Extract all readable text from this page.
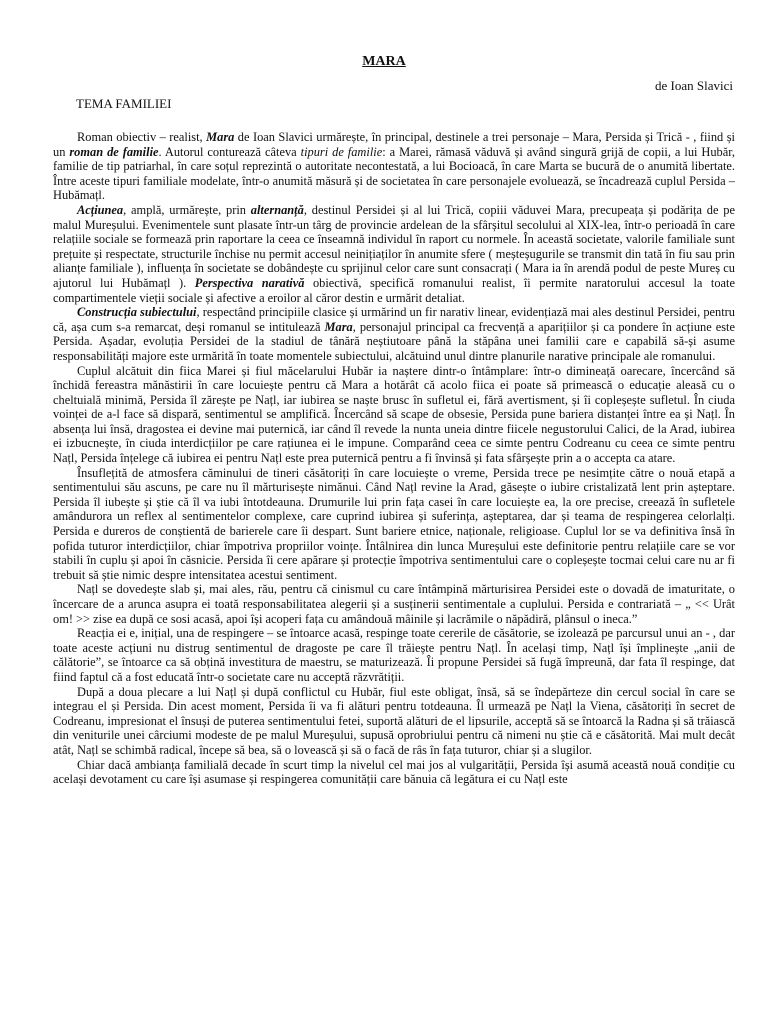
MARA
de Ioan Slavici
TEMA FAMILIEI

Roman obiectiv – realist, Mara de Ioan Slavici urmărește, în principal, destinele a trei personaje – Mara, Persida și Trică - , fiind și un roman de familie. Autorul conturează câteva tipuri de familie: a Marei, rămasă văduvă și având singură grijă de copii, a lui Hubăr, familie de tip patriarhal, în care soțul reprezintă o autoritate necontestată, a lui Bocioacă, în care Marta se bucură de o anumită libertate. Între aceste tipuri familiale modelate, într-o anumită măsură și de societatea în care personajele evoluează, se încadrează cuplul Persida – Hubămațl.

Acțiunea, amplă, urmărește, prin alternanță, destinul Persidei și al lui Trică, copiii văduvei Mara, precupeața și podărița de pe malul Mureșului. Evenimentele sunt plasate într-un târg de provincie ardelean de la sfârșitul secolului al XIX-lea, într-o perioadă în care relațiile sociale se formează prin raportare la ceea ce înseamnă individul în raport cu normele. În această societate, valorile familiale sunt prețuite și respectate, structurile închise nu permit accesul neinițiaților în anumite sfere ( meșteșugurile se transmit din tată în fiu sau prin alianțe familiale ), influența în societate se dobândește cu sprijinul celor care sunt consacrați ( Mara ia în arendă podul de peste Mureș cu ajutorul lui Hubămațl ). Perspectiva narativă obiectivă, specifică romanului realist, îi permite naratorului accesul la toate compartimentele vieții sociale și afective a eroilor al căror destin e urmărit detaliat.

Construcția subiectului, respectând principiile clasice și urmărind un fir narativ linear, evidențiază mai ales destinul Persidei, pentru că, așa cum s-a remarcat, deși romanul se intitulează Mara, personajul principal ca frecvență a aparițiilor și ca pondere în acțiune este Persida. Așadar, evoluția Persidei de la stadiul de tânără neștiutoare până la stăpâna unei familii care e capabilă să-și asume responsabilități majore este urmărită în toate momentele subiectului, alcătuind unul dintre planurile narative principale ale romanului.

Cuplul alcătuit din fiica Marei și fiul măcelarului Hubăr ia naștere dintr-o întâmplare: într-o dimineață oarecare, încercând să închidă fereastra mănăstirii în care locuiește pentru că Mara a hotărât că acolo fiica ei poate să primească o educație aleasă cu o cheltuială minimă, Persida îl zărește pe Națl, iar iubirea se naște brusc în sufletul ei, fără avertisment, și îi copleșește sufletul. În ciuda voinței de a-l face să dispară, sentimentul se amplifică. Încercând să scape de obsesie, Persida pune bariera distanței între ea și Națl. În absența lui însă, dragostea ei devine mai puternică, iar când îl revede la nunta uneia dintre fiicele negustorului Calici, de la Arad, iubirea ei izbucnește, în ciuda interdicțiilor pe care rațiunea ei le impune. Comparând ceea ce simte pentru Codreanu cu ceea ce simte pentru Națl, Persida înțelege că iubirea ei pentru Națl este prea puternică pentru a fi învinsă și fata sfârșește prin a o accepta ca atare.

Însuflețită de atmosfera căminului de tineri căsătoriți în care locuiește o vreme, Persida trece pe nesimțite către o nouă etapă a sentimentului său ascuns, pe care nu îl mărturisește nimănui. Când Națl revine la Arad, găsește o iubire cristalizată lent prin așteptare. Persida îl iubește și știe că îl va iubi întotdeauna. Drumurile lui prin fața casei în care locuiește ea, la ore precise, creează în sufletele amândurora un reflex al sentimentelor complexe, care cuprind iubirea și suferința, așteptarea, dar și teama de respingerea celorlalți. Persida e dureros de conștientă de barierele care îi despart. Sunt bariere etnice, naționale, religioase. Cuplul lor se va definitiva însă în pofida tuturor interdicțiilor, chiar împotriva propriilor voințe. Întâlnirea din lunca Mureșului este definitorie pentru relațiile care se vor stabili în cuplu și apoi în căsnicie. Persida îi cere apărare și protecție împotriva sentimentului care o copleșește tocmai celui care nu ar fi trebuit să știe nimic despre intensitatea acestui sentiment.

Națl se dovedește slab și, mai ales, rău, pentru că cinismul cu care întâmpină mărturisirea Persidei este o dovadă de imaturitate, o încercare de a arunca asupra ei toată responsabilitatea alegerii și a susținerii sentimentale a cuplului. Persida e contrariată – „ << Urât om! >> zise ea după ce sosi acasă, apoi își acoperi fața cu amândouă mâinile și lacrămile o năpădiră, plânsul o ineca.”

Reacția ei e, inițial, una de respingere – se întoarce acasă, respinge toate cererile de căsătorie, se izolează pe parcursul unui an - , dar toate aceste acțiuni nu distrug sentimentul de dragoste pe care îl trăiește pentru Națl. În același timp, Națl își împlinește „anii de călătorie”, se întoarce ca să obțină investitura de maestru, se maturizează. Îi propune Persidei să fugă împreună, dar fata îl respinge, dat fiind faptul că a fost educată într-o societate care nu acceptă răzvrătiții.

După a doua plecare a lui Națl și după conflictul cu Hubăr, fiul este obligat, însă, să se îndepărteze din cercul social în care se integrau el și Persida. Din acest moment, Persida îi va fi alături pentru totdeauna. Îl urmează pe Națl la Viena, căsătoriți în secret de Codreanu, impresionat el însuși de puterea sentimentului fetei, suportă alături de el lipsurile, acceptă să se întoarcă la Radna și să trăiască din veniturile unei cârciumi modeste de pe malul Mureșului, supusă oprobriului pentru că nimeni nu știe că e căsătorită. Mai mult decât atât, Națl se schimbă radical, începe să bea, să o lovească și să o facă de râs în fața tuturor, chiar și a slugilor.

Chiar dacă ambianța familială decade în scurt timp la nivelul cel mai jos al vulgarității, Persida își asumă această nouă condiție cu același devotament cu care își asumase și respingerea comunității care bănuia că legătura ei cu Națl este
